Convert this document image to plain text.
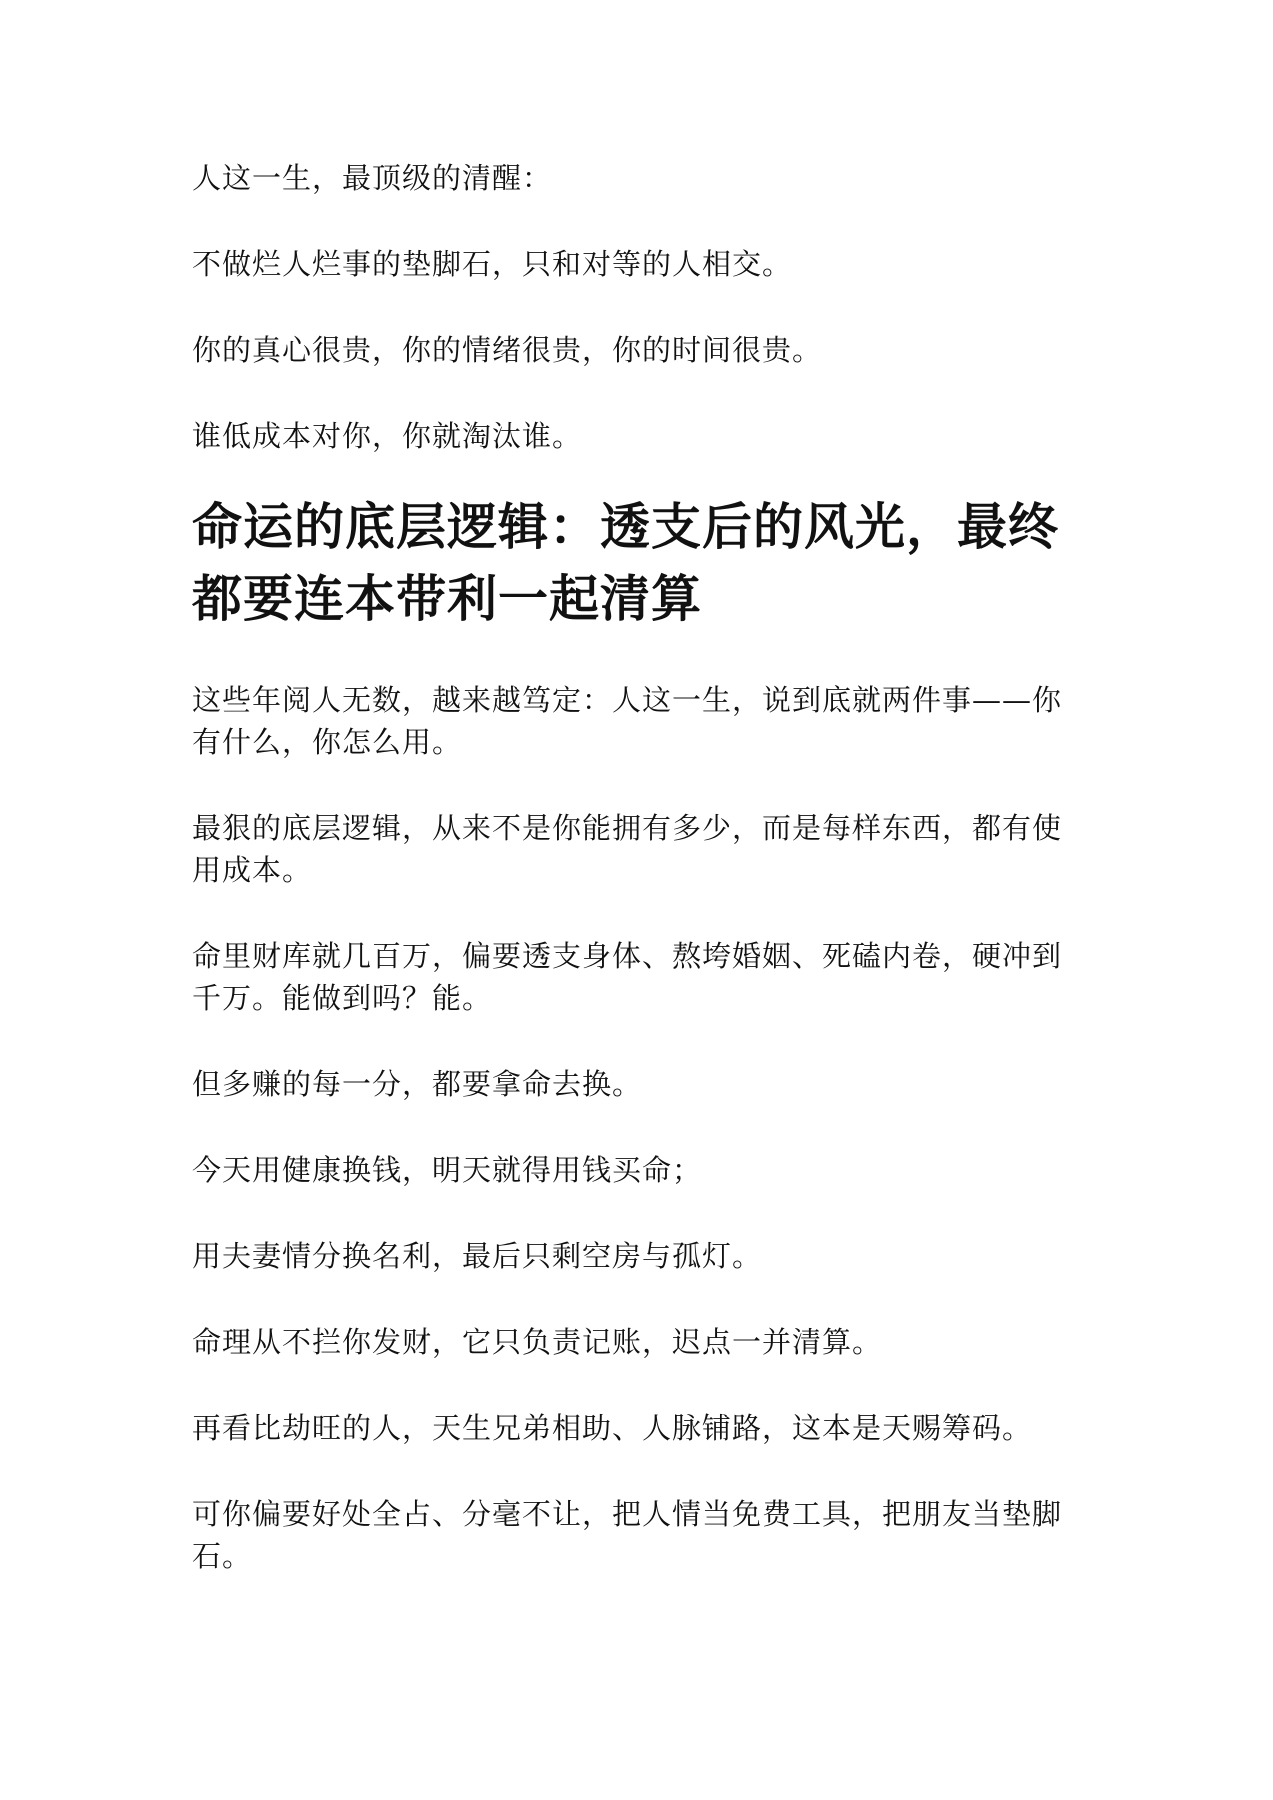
人这一生，最顶级的清醒：

不做烂人烂事的垫脚石，只和对等的人相交。

你的真心很贵，你的情绪很贵，你的时间很贵。

谁低成本对你，你就淘汰谁。

命运的底层逻辑：透支后的风光，最终都要连本带利一起清算

这些年阅人无数，越来越笃定：人这一生，说到底就两件事——你有什么，你怎么用。

最狠的底层逻辑，从来不是你能拥有多少，而是每样东西，都有使用成本。

命里财库就几百万，偏要透支身体、熬垮婚姻、死磕内卷，硬冲到千万。能做到吗？能。

但多赚的每一分，都要拿命去换。

今天用健康换钱，明天就得用钱买命；

用夫妻情分换名利，最后只剩空房与孤灯。

命理从不拦你发财，它只负责记账，迟点一并清算。

再看比劫旺的人，天生兄弟相助、人脉铺路，这本是天赐筹码。

可你偏要好处全占、分毫不让，把人情当免费工具，把朋友当垫脚石。
